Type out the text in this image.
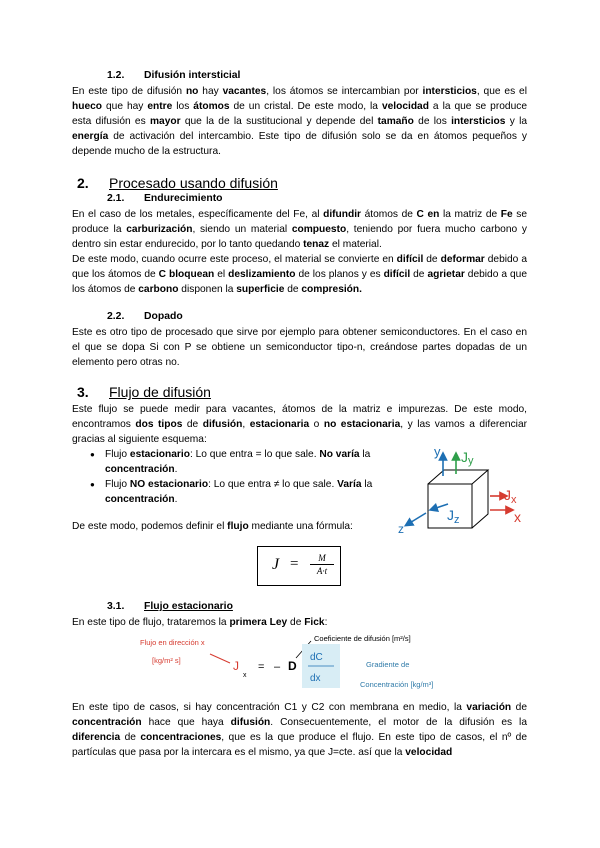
1.2. Difusión intersticial
En este tipo de difusión no hay vacantes, los átomos se intercambian por intersticios, que es el hueco que hay entre los átomos de un cristal. De este modo, la velocidad a la que se produce esta difusión es mayor que la de la sustitucional y depende del tamaño de los intersticios y la energía de activación del intercambio. Este tipo de difusión solo se da en átomos pequeños y depende mucho de la estructura.
2. Procesado usando difusión
2.1. Endurecimiento
En el caso de los metales, específicamente del Fe, al difundir átomos de C en la matriz de Fe se produce la carburización, siendo un material compuesto, teniendo por fuera mucho carbono y dentro sin estar endurecido, por lo tanto quedando tenaz el material.
De este modo, cuando ocurre este proceso, el material se convierte en difícil de deformar debido a que los átomos de C bloquean el deslizamiento de los planos y es difícil de agrietar debido a que los átomos de carbono disponen la superficie de compresión.
2.2. Dopado
Este es otro tipo de procesado que sirve por ejemplo para obtener semiconductores. En el caso en el que se dopa Si con P se obtiene un semiconductor tipo-n, creándose partes dopadas de un elemento pero otras no.
3. Flujo de difusión
Este flujo se puede medir para vacantes, átomos de la matriz e impurezas. De este modo, encontramos dos tipos de difusión, estacionaria o no estacionaria, y las vamos a diferenciar gracias al siguiente esquema:
● Flujo estacionario: Lo que entra = lo que sale. No varía la concentración.
● Flujo NO estacionario: Lo que entra ≠ lo que sale. Varía la concentración.
y Jy
$J_x$
x
z
$J_z$
De este modo, podemos definir el flujo mediante una fórmula:
J =	M
A·t
3.1. Flujo estacionario
En este tipo de flujo, trataremos la primera Ley de Fick:
Flujo en dirección x
[kg/m² s]	J
x
= – D
Coeficiente de difusión [m²/s]
dC
dx
Gradiente de
Concentración [kg/m³]
En este tipo de casos, si hay concentración C1 y C2 con membrana en medio, la variación de concentración hace que haya difusión. Consecuentemente, el motor de la difusión es la diferencia de concentraciones, que es la que produce el flujo. En este tipo de casos, el nº de partículas que pasa por la intercara es el mismo, ya que J=cte. así que la velocidad
